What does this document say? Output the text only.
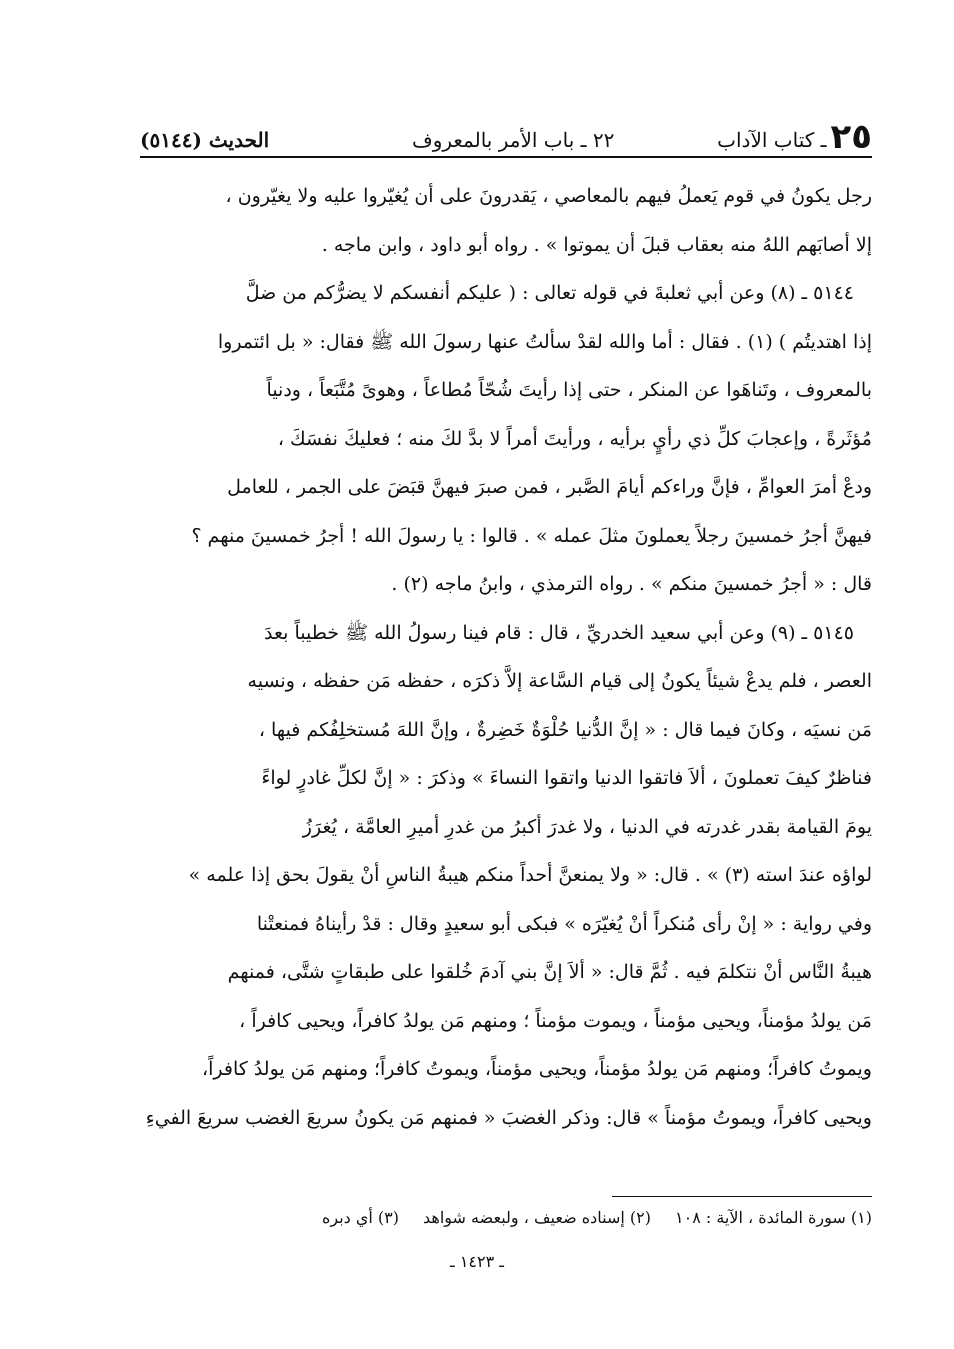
٢٥
ـ كتاب الآداب
٢٢ ـ باب الأمر بالمعروف
الحديث (٥١٤٤)
رجل يكونُ في قوم يَعملُ فيهم بالمعاصي ، يَقدرونَ على أن يُغيّروا عليه ولا يغيّرون ،
إلا أصابَهم اللهُ منه بعقاب قبلَ أن يموتوا » . رواه أبو داود ، وابن ماجه .
٥١٤٤ ـ (٨) وعن أبي ثعلبةَ في قوله تعالى : ( عليكم أنفسكم لا يضرُّكم من ضلَّ
إذا اهتديتُم ) (١) . فقال : أما والله لقدْ سألتُ عنها رسولَ الله ﷺ فقال: « بل ائتمروا
بالمعروف ، وتَناهَوا عن المنكر ، حتى إذا رأيتَ شُحّاً مُطاعاً ، وهوىً مُتَّبَعاً ، ودنياً
مُؤثَرةً ، وإعجابَ كلِّ ذي رأيٍ برأيه ، ورأيتَ أمراً لا بدَّ لكَ منه ؛ فعليكَ نفسَكَ ،
ودعْ أمرَ العوامِّ ، فإنَّ وراءكم أيامَ الصَّبر ، فمن صبرَ فيهنَّ قبَضَ على الجمر ، للعامل
فيهنَّ أجرُ خمسينَ رجلاً يعملونَ مثلَ عمله » . قالوا : يا رسولَ الله ! أجرُ خمسينَ منهم ؟
قال : « أجرُ خمسينَ منكم » . رواه الترمذي ، وابنُ ماجه (٢) .
٥١٤٥ ـ (٩) وعن أبي سعيد الخدريِّ ، قال : قام فينا رسولُ الله ﷺ خطيباً بعدَ
العصر ، فلم يدعْ شيئاً يكونُ إلى قيام السَّاعة إلاَّ ذكرَه ، حفظه مَن حفظه ، ونسيه
مَن نسيَه ، وكانَ فيما قال : « إنَّ الدُّنيا حُلْوَةٌ خَضِرةٌ ، وإنَّ اللهَ مُستخلِفُكم فيها ،
فناظرٌ كيفَ تعملونَ ، ألاَ فاتقوا الدنيا واتقوا النساءَ » وذكرَ : « إنَّ لكلِّ غادرٍ لواءً
يومَ القيامة بقدر غدرته في الدنيا ، ولا غدرَ أكبرُ من غدرِ أميرِ العامَّة ، يُغرَزُ
لواؤه عندَ استه (٣) » . قال: « ولا يمنعنَّ أحداً منكم هيبةُ الناسِ أنْ يقولَ بحق إذا علمه »
وفي رواية : « إنْ رأى مُنكراً أنْ يُغيّرَه » فبكى أبو سعيدٍ وقال : قدْ رأيناهُ فمنعتْنا
هيبةُ النَّاس أنْ نتكلمَ فيه . ثُمَّ قال: « ألاَ إنَّ بني آدمَ خُلقوا على طبقاتٍ شتَّى، فمنهم
مَن يولدُ مؤمناً، ويحيى مؤمناً ، ويموت مؤمناً ؛ ومنهم مَن يولدُ كافراً، ويحيى كافراً ،
ويموتُ كافراً؛ ومنهم مَن يولدُ مؤمناً، ويحيى مؤمناً، ويموتُ كافراً؛ ومنهم مَن يولدُ كافراً،
ويحيى كافراً، ويموتُ مؤمناً » قال: وذكر الغضبَ « فمنهم مَن يكونُ سريعَ الغضب سريعَ الفيءِ
(١) سورة المائدة ، الآية : ١٠٨
(٢) إسناده ضعيف ، ولبعضه شواهد
(٣) أي دبره
ـ ١٤٢٣ ـ
